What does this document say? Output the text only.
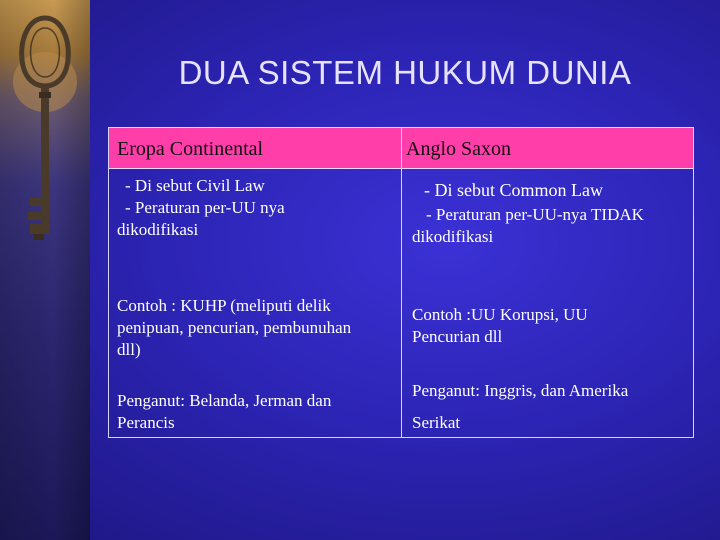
DUA SISTEM HUKUM DUNIA
Eropa Continental	Anglo Saxon
- Di sebut Civil Law
- Peraturan per-UU nya
dikodifikasi
- Di sebut Common Law
- Peraturan per-UU-nya TIDAK
dikodifikasi
Contoh : KUHP (meliputi delik
penipuan, pencurian, pembunuhan
dll)
Contoh :UU Korupsi, UU
Pencurian dll
Penganut: Belanda, Jerman dan
Perancis
Penganut: Inggris, dan Amerika
Serikat
